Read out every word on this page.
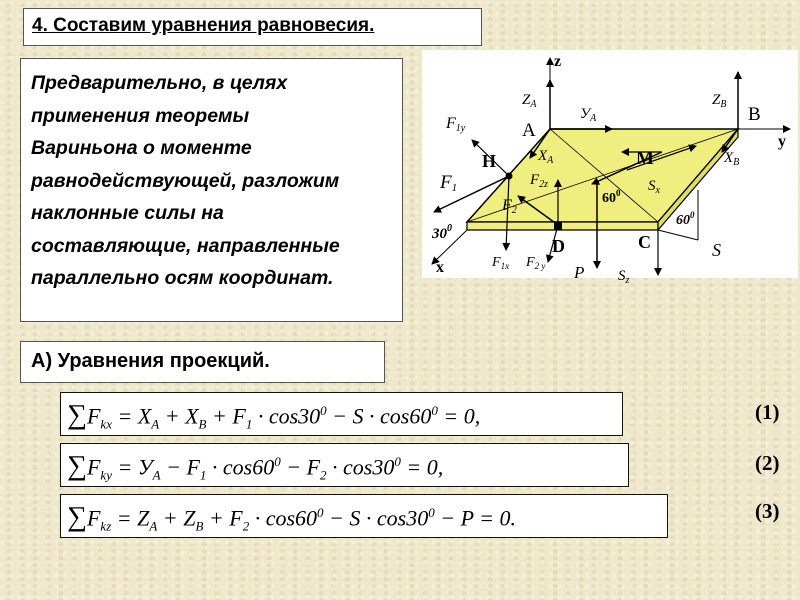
4. Составим уравнения равновесия.
Предварительно, в целях
применения теоремы
Вариньона о моменте
равнодействующей, разложим
наклонные силы на
составляющие, направленные
параллельно осям координат.
z
y
x
A
B
C
D
H	M
$Z_A$	$Z_B$
$У_A$
$X_A$	$X_B$
F1y
F1	$F_{2z}$
F2
$F_{1x}$ $F_{2 y}$
$S_x$
$S_z$
S
P
$30^0$
$60^0$
$60^0$
А) Уравнения проекций.
$\sum F_{kx} = X_A + X_B + F_1 \cdot \cos 30^0 - S \cdot \cos 60^0 = 0$,	(1)
$\sum F_{ky} = У_A - F_1 \cdot \cos 60^0 - F_2 \cdot \cos 30^0 = 0$,	(2)
$\sum F_{kz} = Z_A + Z_B + F_2 \cdot \cos 60^0 - S \cdot \cos 30^0 - P = 0$.	(3)
